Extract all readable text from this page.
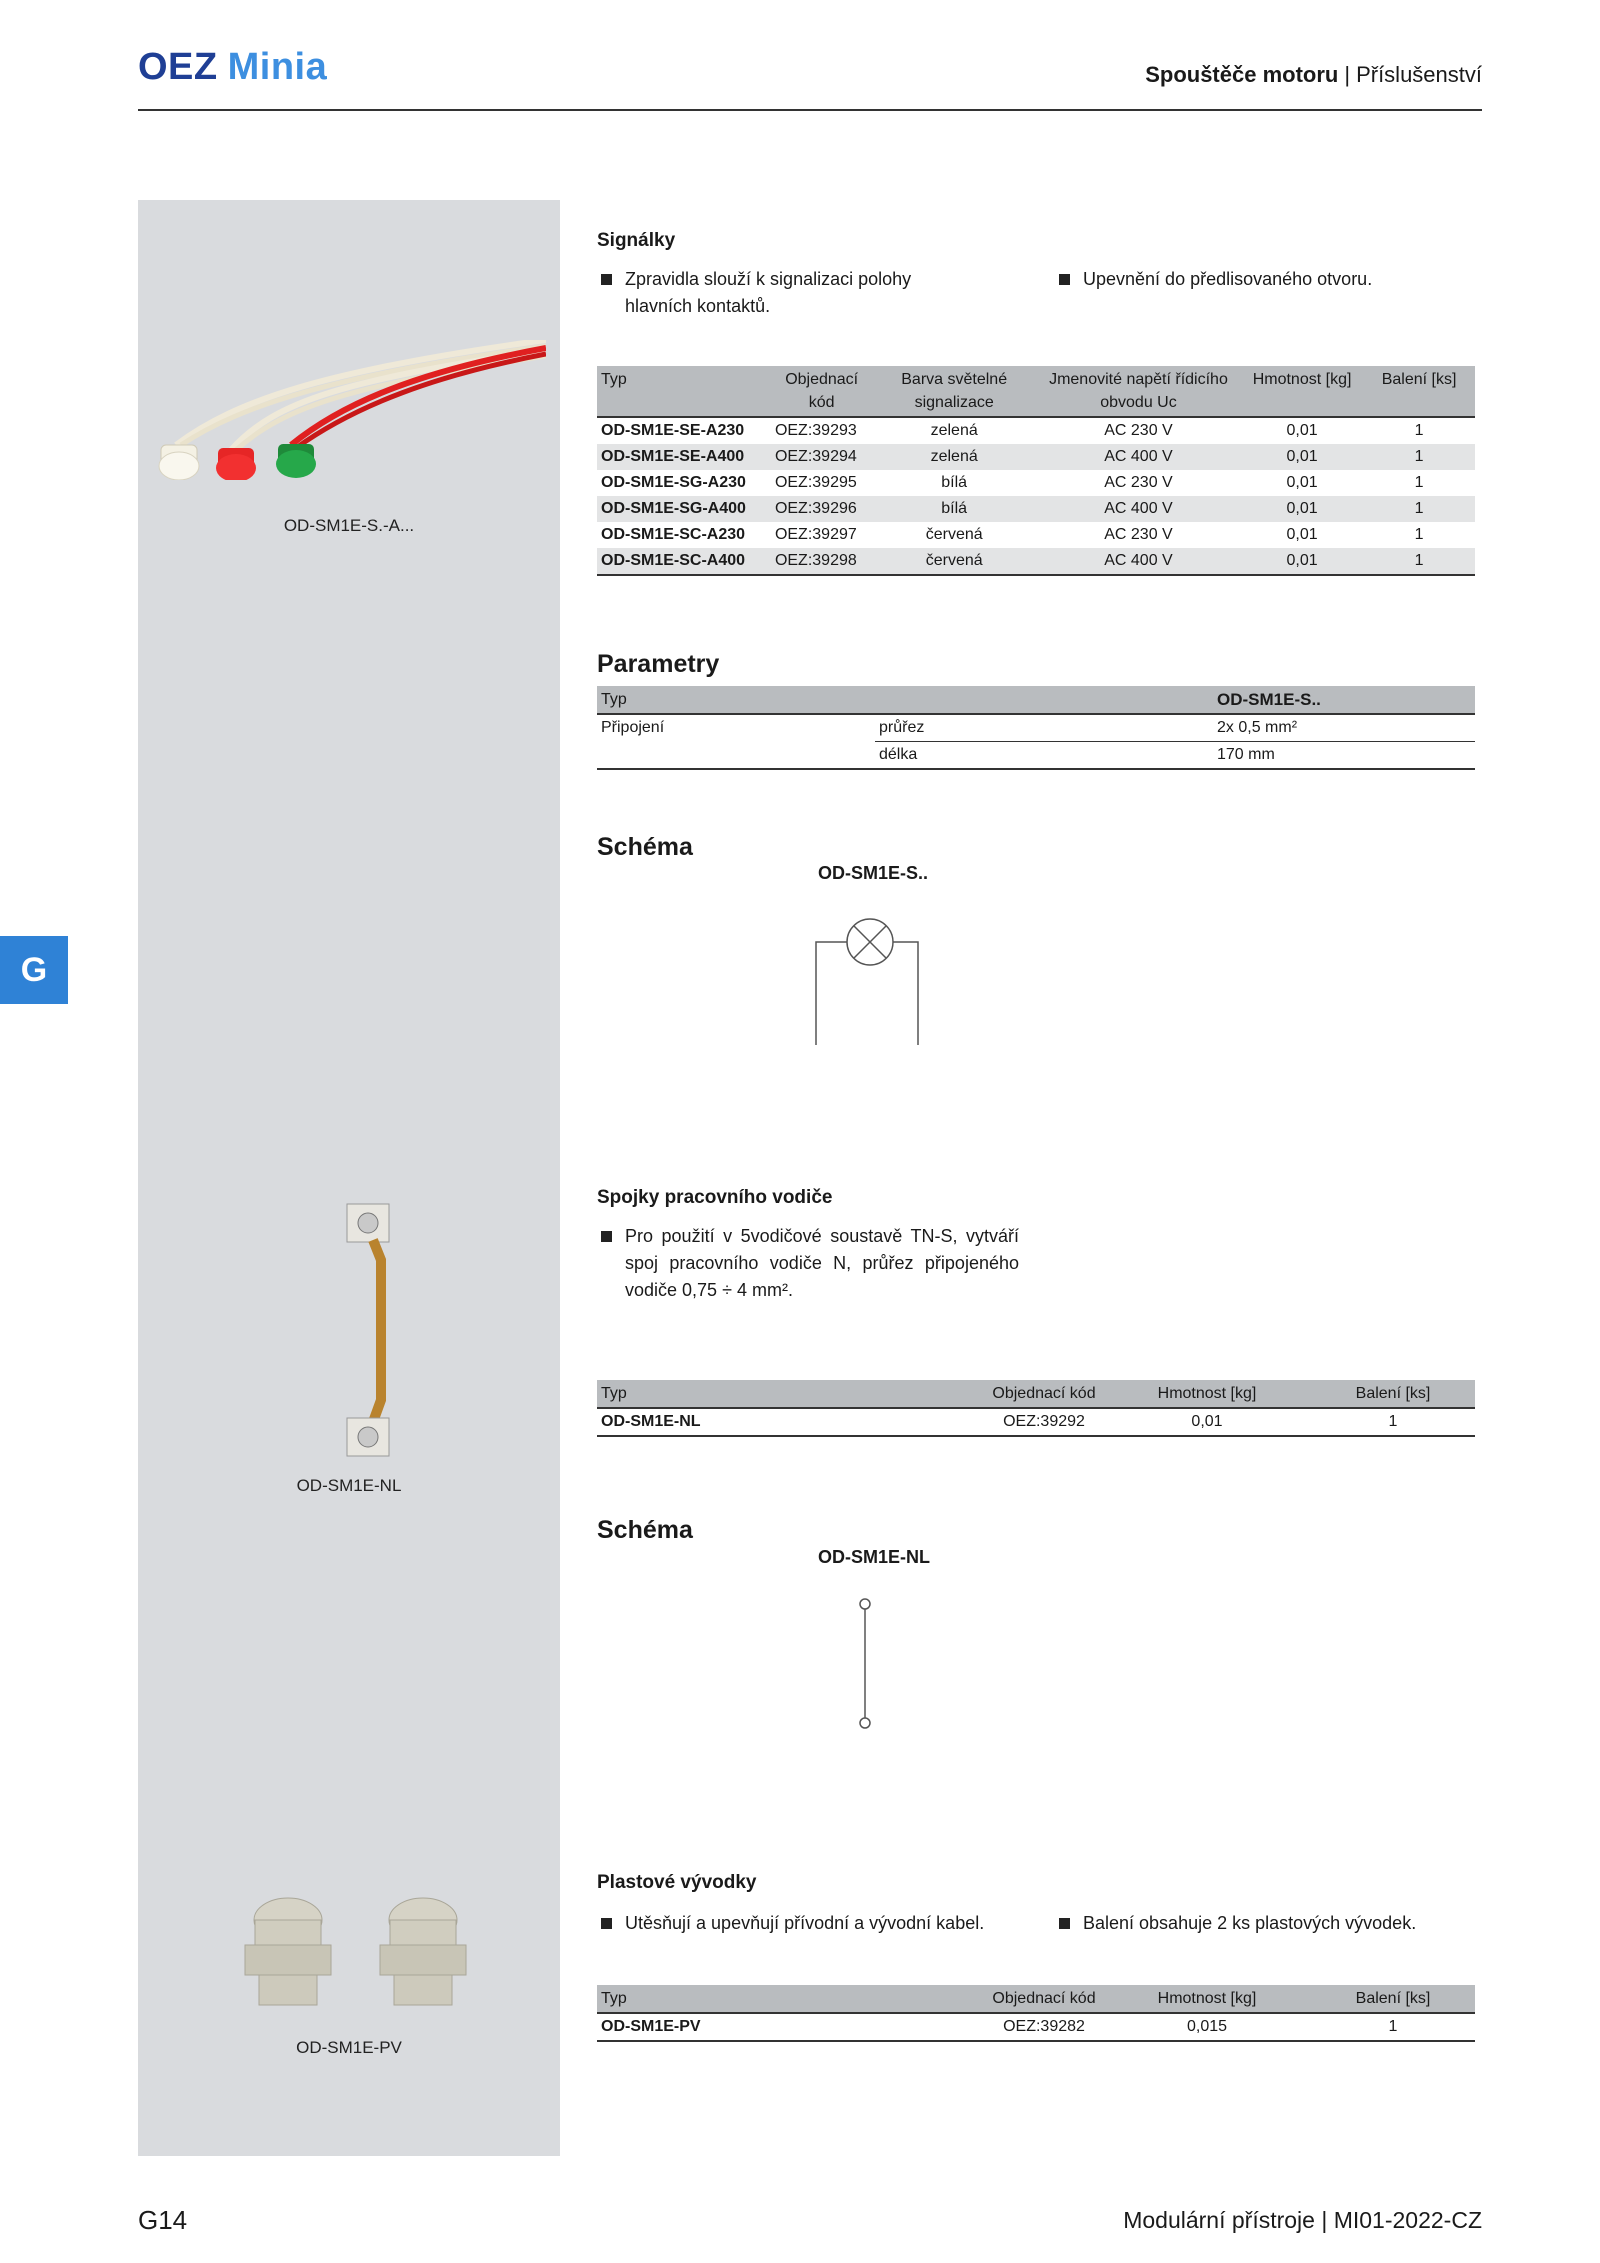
OEZ Minia	Spouštěče motoru | Příslušenství
OD-SM1E-S.-A...
OD-SM1E-NL
OD-SM1E-PV
G
Signálky
Zpravidla slouží k signalizaci polohy hlavních kontaktů.
Upevnění do předlisovaného otvoru.
Typ	Objednací kód	Barva světelné signalizace	Jmenovité napětí řídicího obvodu Uc	Hmotnost [kg]	Balení [ks]
OD-SM1E-SE-A230	OEZ:39293	zelená	AC 230 V	0,01	1
OD-SM1E-SE-A400	OEZ:39294	zelená	AC 400 V	0,01	1
OD-SM1E-SG-A230	OEZ:39295	bílá	AC 230 V	0,01	1
OD-SM1E-SG-A400	OEZ:39296	bílá	AC 400 V	0,01	1
OD-SM1E-SC-A230	OEZ:39297	červená	AC 230 V	0,01	1
OD-SM1E-SC-A400	OEZ:39298	červená	AC 400 V	0,01	1
Parametry
Typ		OD-SM1E-S..
Připojení	průřez	2x 0,5 mm²
	délka	170 mm
Schéma
OD-SM1E-S..
Spojky pracovního vodiče
Pro použití v 5vodičové soustavě TN-S, vytváří spoj pracovního vodiče N, průřez připojeného vodiče 0,75 ÷ 4 mm².
Typ	Objednací kód	Hmotnost [kg]	Balení [ks]
OD-SM1E-NL	OEZ:39292	0,01	1
Schéma
OD-SM1E-NL
Plastové vývodky
Utěsňují a upevňují přívodní a vývodní kabel.	Balení obsahuje 2 ks plastových vývodek.
Typ	Objednací kód	Hmotnost [kg]	Balení [ks]
OD-SM1E-PV	OEZ:39282	0,015	1
G14	Modulární přístroje | MI01-2022-CZ
